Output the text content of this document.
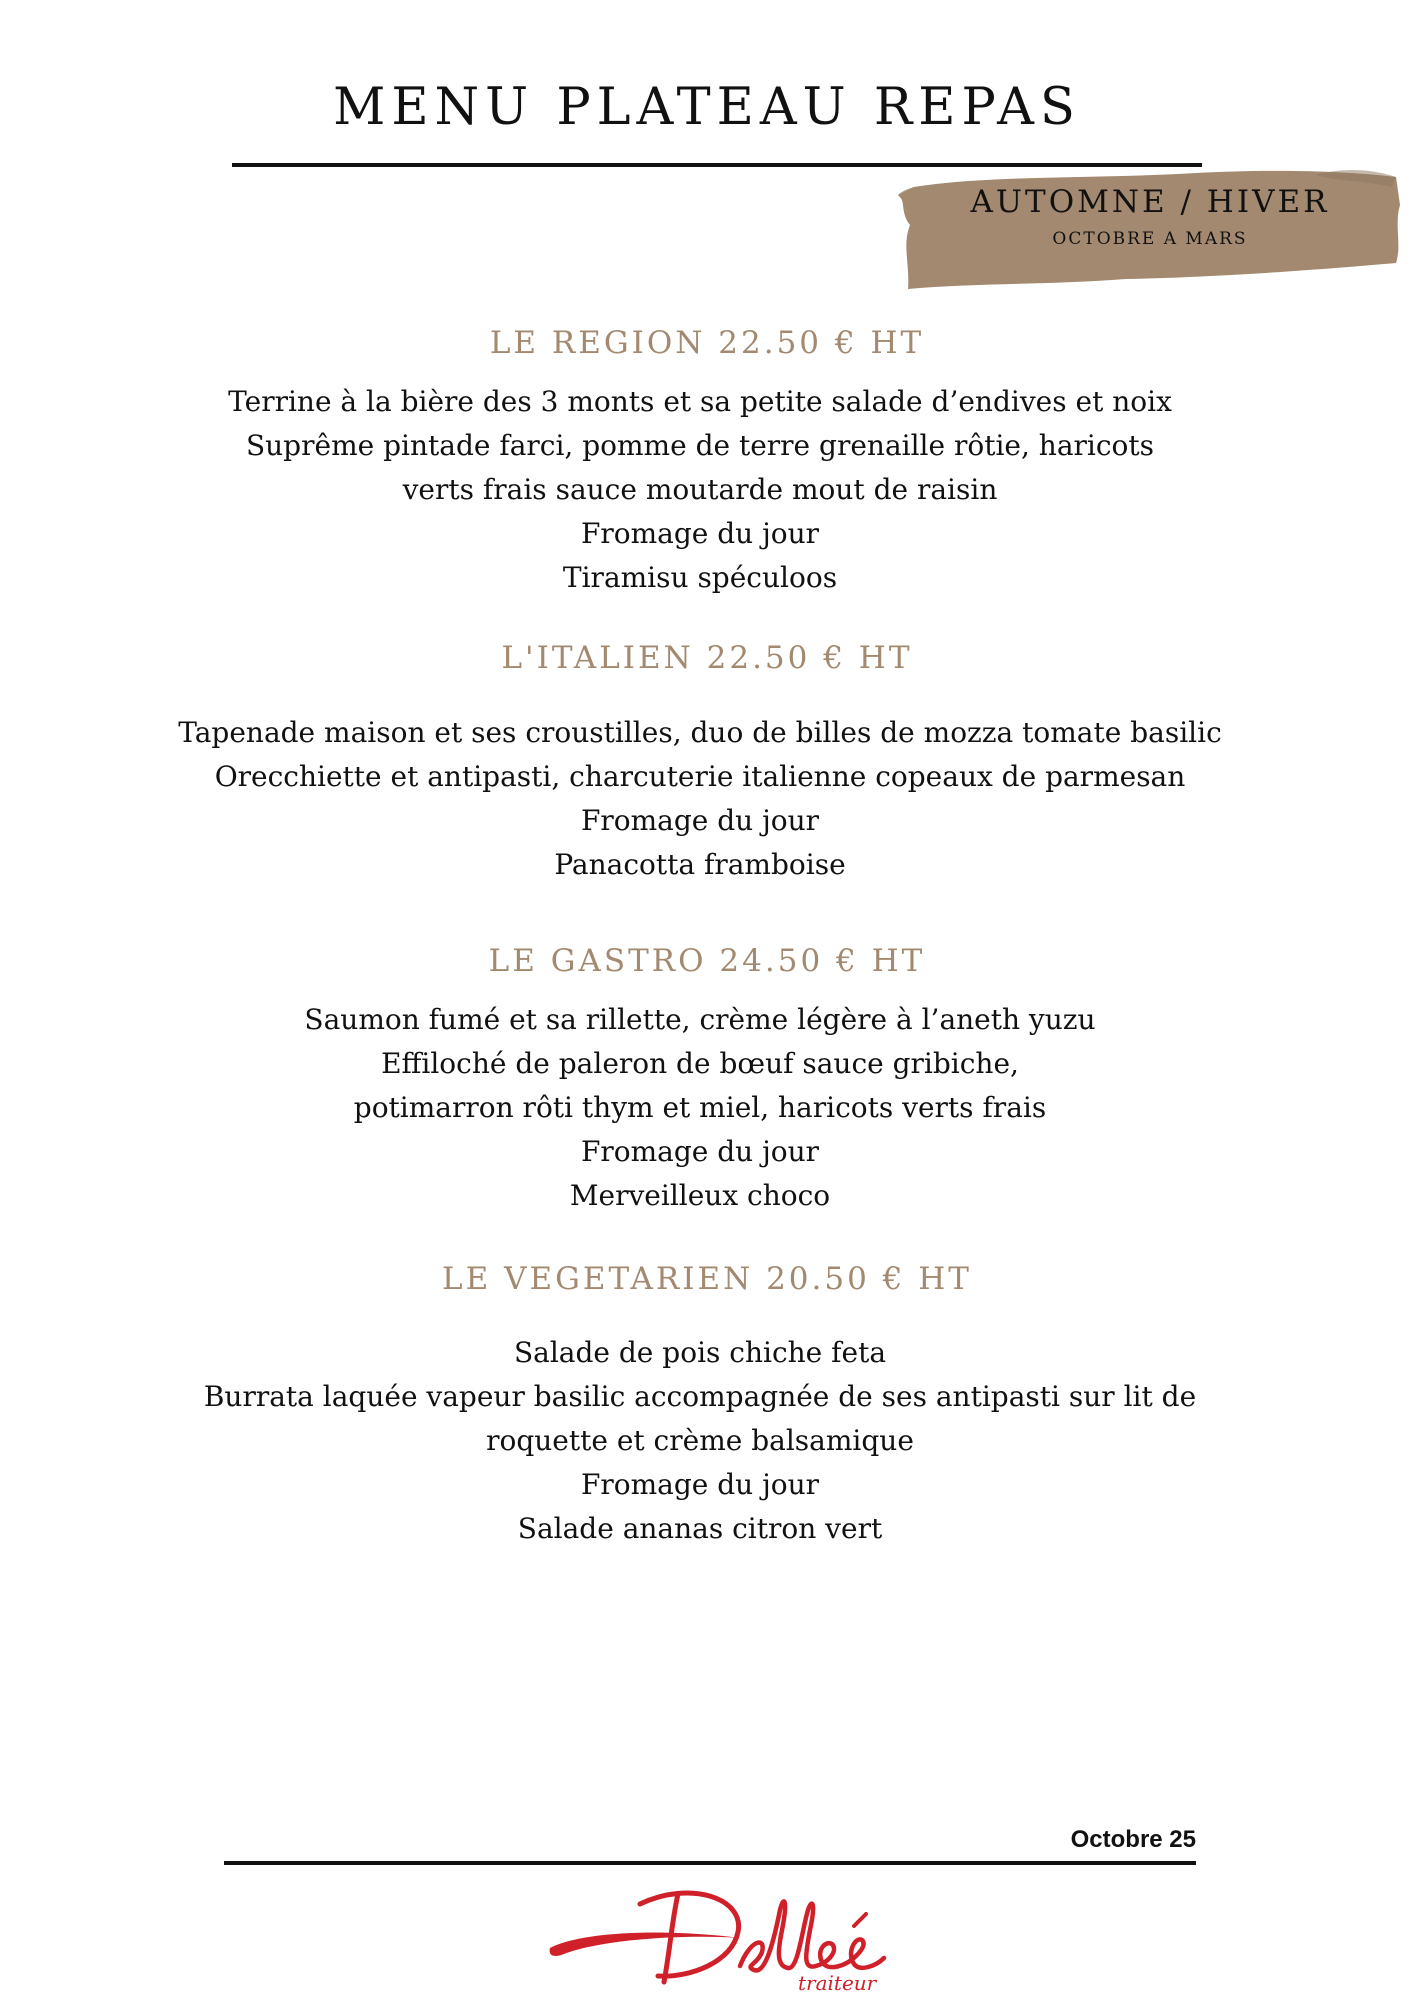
MENU PLATEAU REPAS
AUTOMNE / HIVER
OCTOBRE A MARS
LE REGION 22.50 € HT
Terrine à la bière des 3 monts et sa petite salade d’endives et noix
Suprême pintade farci, pomme de terre grenaille rôtie, haricots
verts frais sauce moutarde mout de raisin
Fromage du jour
Tiramisu spéculoos
L'ITALIEN 22.50 € HT
Tapenade maison et ses croustilles, duo de billes de mozza tomate basilic
Orecchiette et antipasti, charcuterie italienne copeaux de parmesan
Fromage du jour
Panacotta framboise
LE GASTRO 24.50 € HT
Saumon fumé et sa rillette, crème légère à l’aneth yuzu
Effiloché de paleron de bœuf sauce gribiche,
potimarron rôti thym et miel, haricots verts frais
Fromage du jour
Merveilleux choco
LE VEGETARIEN 20.50 € HT
Salade de pois chiche feta
Burrata laquée vapeur basilic accompagnée de ses antipasti sur lit de
roquette et crème balsamique
Fromage du jour
Salade ananas citron vert
Octobre 25
traiteur
